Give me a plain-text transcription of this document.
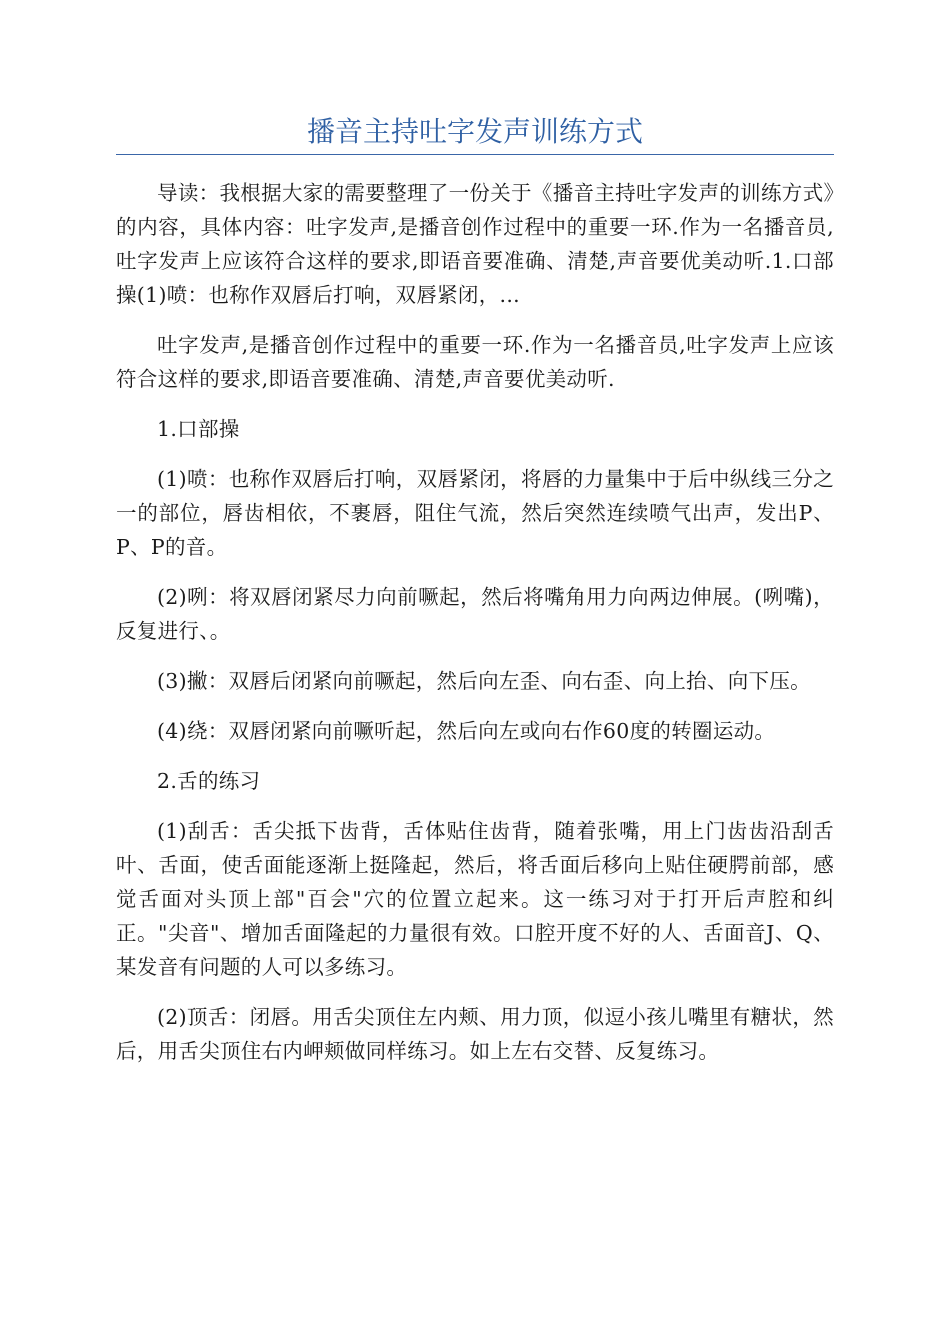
播音主持吐字发声训练方式

导读：我根据大家的需要整理了一份关于《播音主持吐字发声的训练方式》的内容，具体内容：吐字发声,是播音创作过程中的重要一环.作为一名播音员,吐字发声上应该符合这样的要求,即语音要准确、清楚,声音要优美动听.1.口部操(1)喷：也称作双唇后打响，双唇紧闭，...

吐字发声,是播音创作过程中的重要一环.作为一名播音员,吐字发声上应该符合这样的要求,即语音要准确、清楚,声音要优美动听.

1.口部操

(1)喷：也称作双唇后打响，双唇紧闭，将唇的力量集中于后中纵线三分之一的部位，唇齿相依，不裹唇，阻住气流，然后突然连续喷气出声，发出P、P、P的音。

(2)咧：将双唇闭紧尽力向前噘起，然后将嘴角用力向两边伸展。(咧嘴)，反复进行、。

(3)撇：双唇后闭紧向前噘起，然后向左歪、向右歪、向上抬、向下压。

(4)绕：双唇闭紧向前噘听起，然后向左或向右作60度的转圈运动。

2.舌的练习

(1)刮舌：舌尖抵下齿背，舌体贴住齿背，随着张嘴，用上门齿齿沿刮舌叶、舌面，使舌面能逐渐上挺隆起，然后，将舌面后移向上贴住硬腭前部，感觉舌面对头顶上部"百会"穴的位置立起来。这一练习对于打开后声腔和纠正。"尖音"、增加舌面隆起的力量很有效。口腔开度不好的人、舌面音J、Q、某发音有问题的人可以多练习。

(2)顶舌：闭唇。用舌尖顶住左内颊、用力顶，似逗小孩儿嘴里有糖状，然后，用舌尖顶住右内岬颊做同样练习。如上左右交替、反复练习。
